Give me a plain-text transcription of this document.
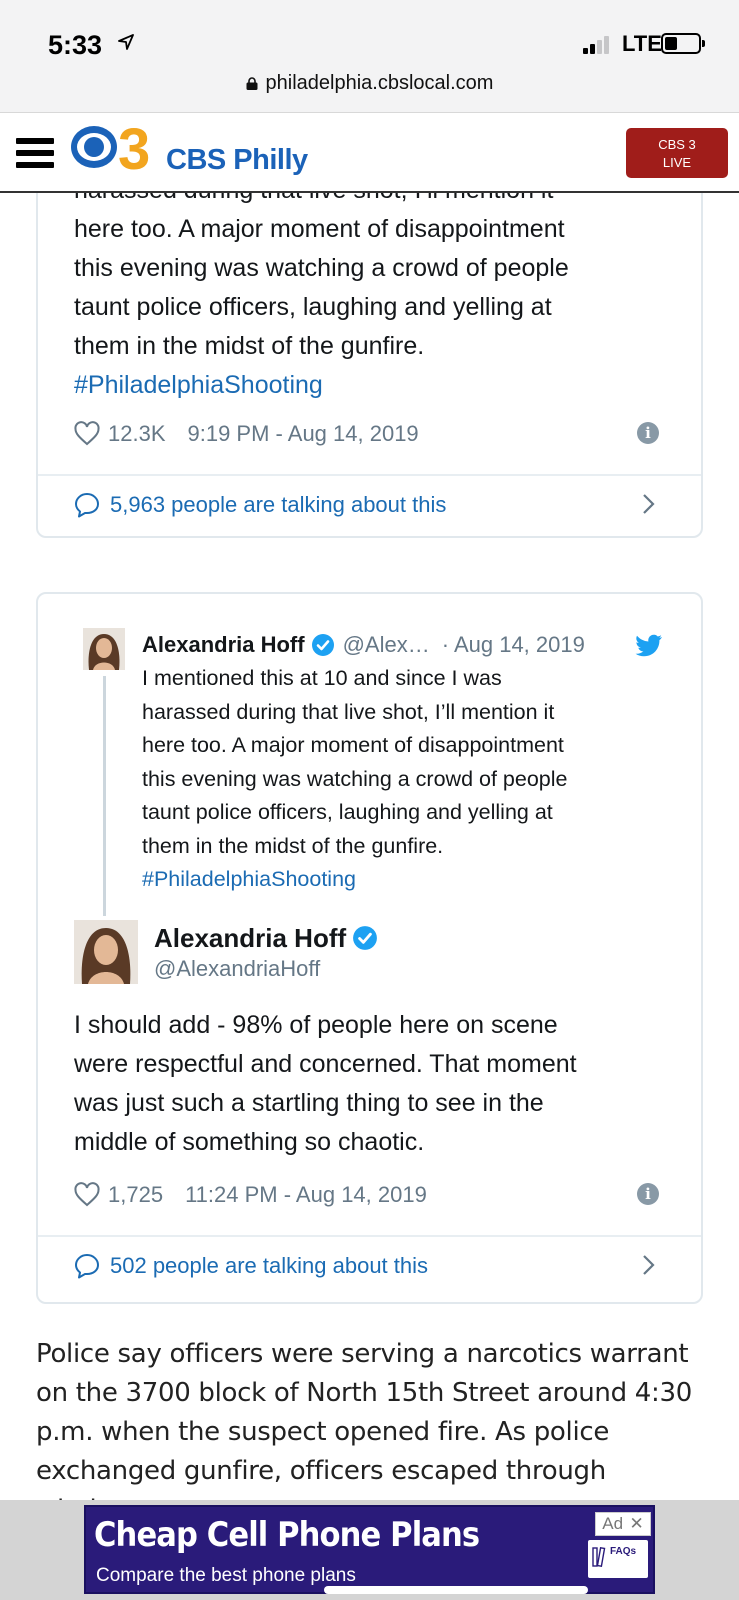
5:33	LTE
philadelphia.cbslocal.com
3 CBS Philly	CBS 3
LIVE
here too. A major moment of disappointment
this evening was watching a crowd of people
taunt police officers, laughing and yelling at
them in the midst of the gunfire.
#PhiladelphiaShooting
12.3K 9:19 PM - Aug 14, 2019	i
5,963 people are talking about this
Alexandria Hoff @Alex… · Aug 14, 2019
I mentioned this at 10 and since I was
harassed during that live shot, I’ll mention it
here too. A major moment of disappointment
this evening was watching a crowd of people
taunt police officers, laughing and yelling at
them in the midst of the gunfire.
#PhiladelphiaShooting
Alexandria Hoff
@AlexandriaHoff
I should add - 98% of people here on scene
were respectful and concerned. That moment
was just such a startling thing to see in the
middle of something so chaotic.
1,725 11:24 PM - Aug 14, 2019	i
502 people are talking about this
Police say officers were serving a narcotics warrant
on the 3700 block of North 15th Street around 4:30
p.m. when the suspect opened fire. As police
exchanged gunfire, officers escaped through
Cheap Cell Phone Plans
Compare the best phone plans
Ad ✕
FAQs
